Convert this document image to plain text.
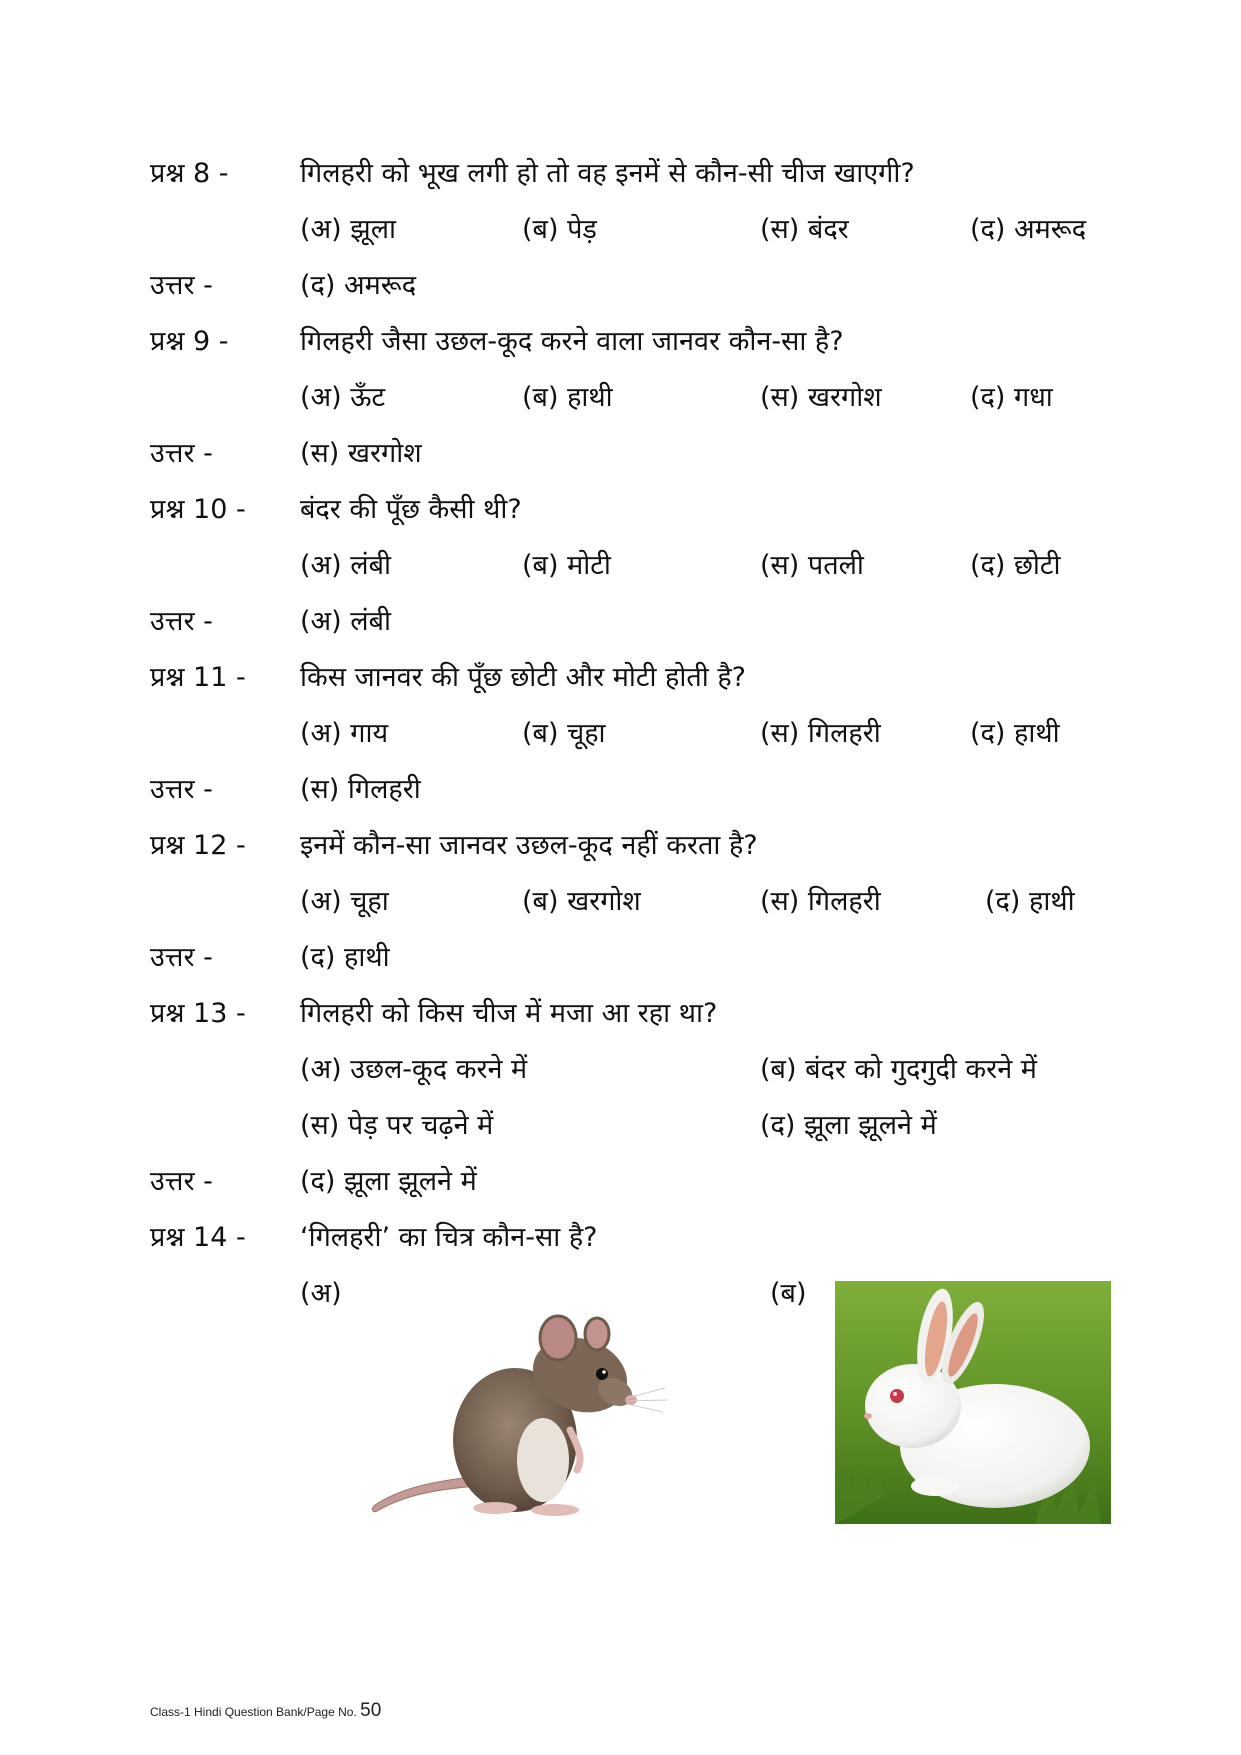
प्रश्न 8 -	गिलहरी को भूख लगी हो तो वह इनमें से कौन-सी चीज खाएगी?
(अ) झूला	(ब) पेड़	(स) बंदर	(द) अमरूद
उत्तर -	(द) अमरूद
प्रश्न 9 -	गिलहरी जैसा उछल-कूद करने वाला जानवर कौन-सा है?
(अ) ऊँट	(ब) हाथी	(स) खरगोश	(द) गधा
उत्तर -	(स) खरगोश
प्रश्न 10 - बंदर की पूँछ कैसी थी?
(अ) लंबी	(ब) मोटी	(स) पतली	(द) छोटी
उत्तर -	(अ) लंबी
प्रश्न 11 - किस जानवर की पूँछ छोटी और मोटी होती है?
(अ) गाय	(ब) चूहा	(स) गिलहरी	(द) हाथी
उत्तर -	(स) गिलहरी
प्रश्न 12 - इनमें कौन-सा जानवर उछल-कूद नहीं करता है?
(अ) चूहा	(ब) खरगोश	(स) गिलहरी	(द) हाथी
उत्तर -	(द) हाथी
प्रश्न 13 - गिलहरी को किस चीज में मजा आ रहा था?
(अ) उछल-कूद करने में	(ब) बंदर को गुदगुदी करने में
(स) पेड़ पर चढ़ने में	(द) झूला झूलने में
उत्तर -	(द) झूला झूलने में
प्रश्न 14 - ‘गिलहरी’ का चित्र कौन-सा है?
(अ)	(ब)
Class-1 Hindi Question Bank/Page No. 50
